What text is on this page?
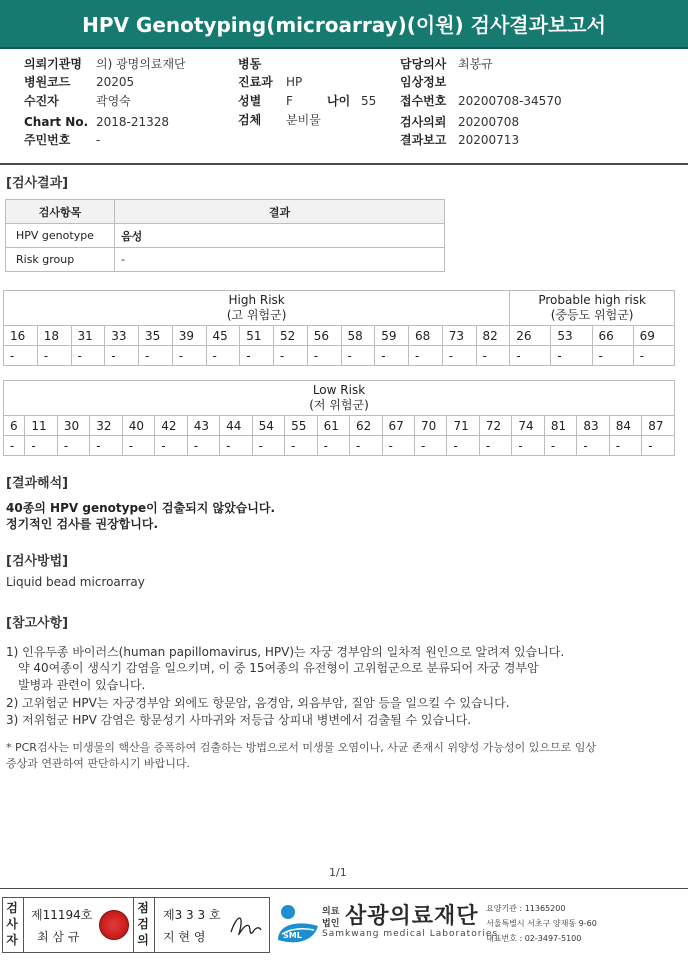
HPV Genotyping(microarray)(이원) 검사결과보고서
의뢰기관명 의) 광명의료재단
병원코드 20205
수진자	곽영숙
Chart No. 2018-21328
주민번호 -
병동
진료과 HP
성별 F	나이 55
검체 분비물
담당의사 최봉규
임상정보
접수번호 20200708-34570
검사의뢰 20200708
결과보고 20200713
[검사결과]
검사항목	결과
HPV genotype	음성
Risk group	-
High Risk
(고 위험군)															Probable high risk
(중등도 위험군)			
16	18	31	33	35	39	45	51	52	56	58	59	68	73	82	26	53	66	69
-	-	-	-	-	-	-	-	-	-	-	-	-	-	-	-	-	-	-
Low Risk
(저 위험군)																				
6	11	30	32	40	42	43	44	54	55	61	62	67	70	71	72	74	81	83	84	87
-	-	-	-	-	-	-	-	-	-	-	-	-	-	-	-	-	-	-	-	-
[결과해석]
40종의 HPV genotype이 검출되지 않았습니다.
정기적인 검사를 권장합니다.
[검사방법]
Liquid bead microarray
[참고사항]
1) 인유두종 바이러스(human papillomavirus, HPV)는 자궁 경부암의 일차적 원인으로 알려져 있습니다.
약 40여종이 생식기 감염을 일으키며, 이 중 15여종의 유전형이 고위험군으로 분류되어 자궁 경부암
발병과 관련이 있습니다.
2) 고위험군 HPV는 자궁경부암 외에도 항문암, 음경암, 외음부암, 질암 등을 일으킬 수 있습니다.
3) 저위험군 HPV 감염은 항문성기 사마귀와 저등급 상피내 병변에서 검출될 수 있습니다.
* PCR검사는 미생물의 핵산을 증폭하여 검출하는 방법으로서 미생물 오염이나, 사균 존재시 위양성 가능성이 있으므로 임상
증상과 연관하여 판단하시기 바랍니다.
1/1
검사자
제11194호
최 삼 규
점검의
제3 3 3 호
지 현 영	SML
의료
법인 삼광의료재단
Samkwang medical Laboratories
요양기관 : 11365200
서울특별시 서초구 양재동 9-60
대표번호 : 02-3497-5100
